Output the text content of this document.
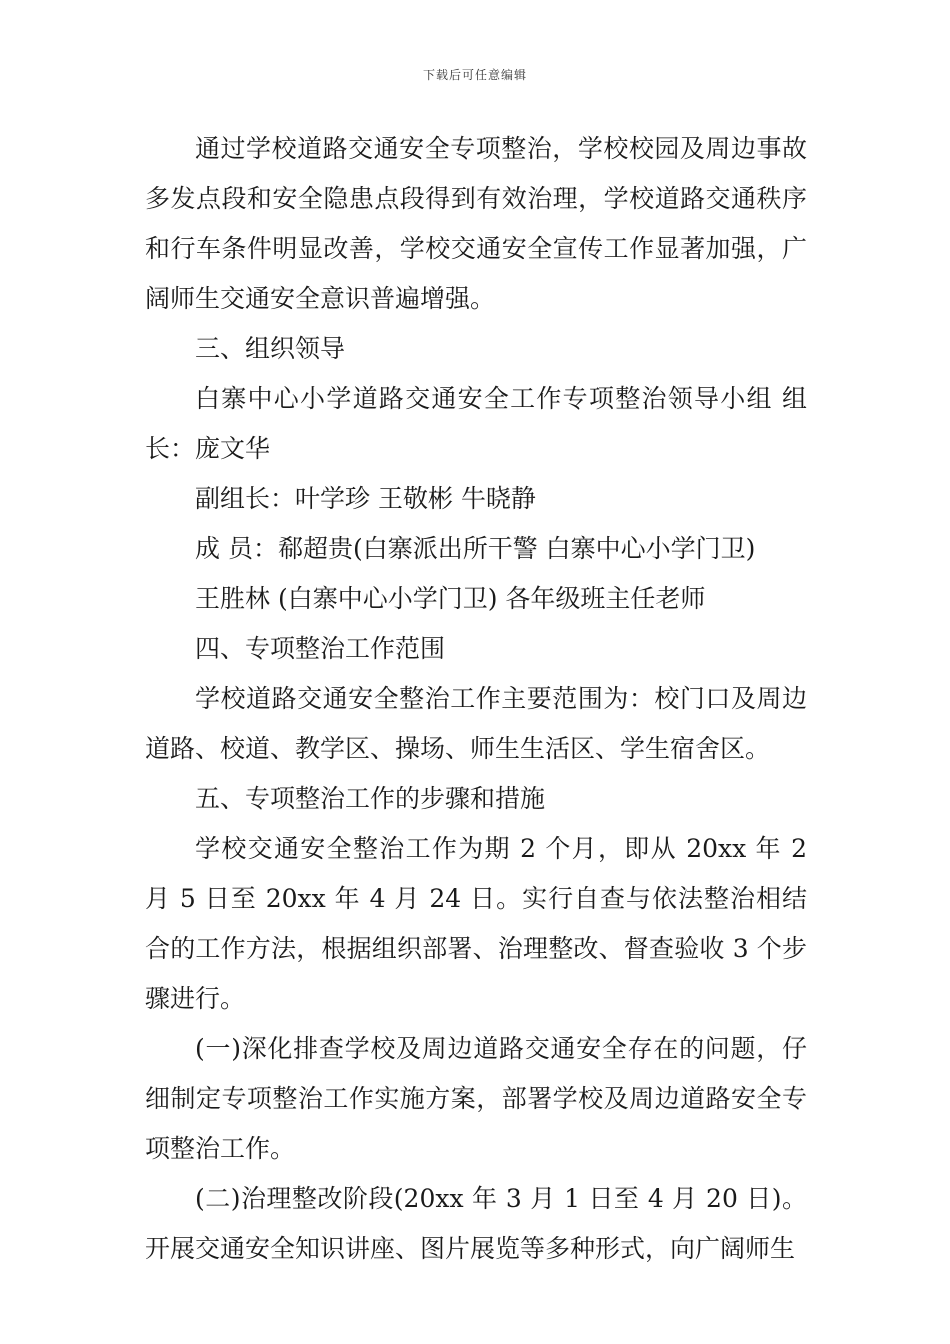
下载后可任意编辑

通过学校道路交通安全专项整治，学校校园及周边事故多发点段和安全隐患点段得到有效治理，学校道路交通秩序和行车条件明显改善，学校交通安全宣传工作显著加强，广阔师生交通安全意识普遍增强。

三、组织领导

白寨中心小学道路交通安全工作专项整治领导小组 组长：庞文华

副组长：叶学珍 王敬彬 牛晓静

成 员：郗超贵(白寨派出所干警 白寨中心小学门卫)

王胜林 (白寨中心小学门卫) 各年级班主任老师

四、专项整治工作范围

学校道路交通安全整治工作主要范围为：校门口及周边道路、校道、教学区、操场、师生生活区、学生宿舍区。

五、专项整治工作的步骤和措施

学校交通安全整治工作为期 2 个月，即从 20xx 年 2 月 5 日至 20xx 年 4 月 24 日。实行自查与依法整治相结合的工作方法，根据组织部署、治理整改、督查验收 3 个步骤进行。

(一)深化排查学校及周边道路交通安全存在的问题，仔细制定专项整治工作实施方案，部署学校及周边道路安全专项整治工作。

(二)治理整改阶段(20xx 年 3 月 1 日至 4 月 20 日)。开展交通安全知识讲座、图片展览等多种形式，向广阔师生
